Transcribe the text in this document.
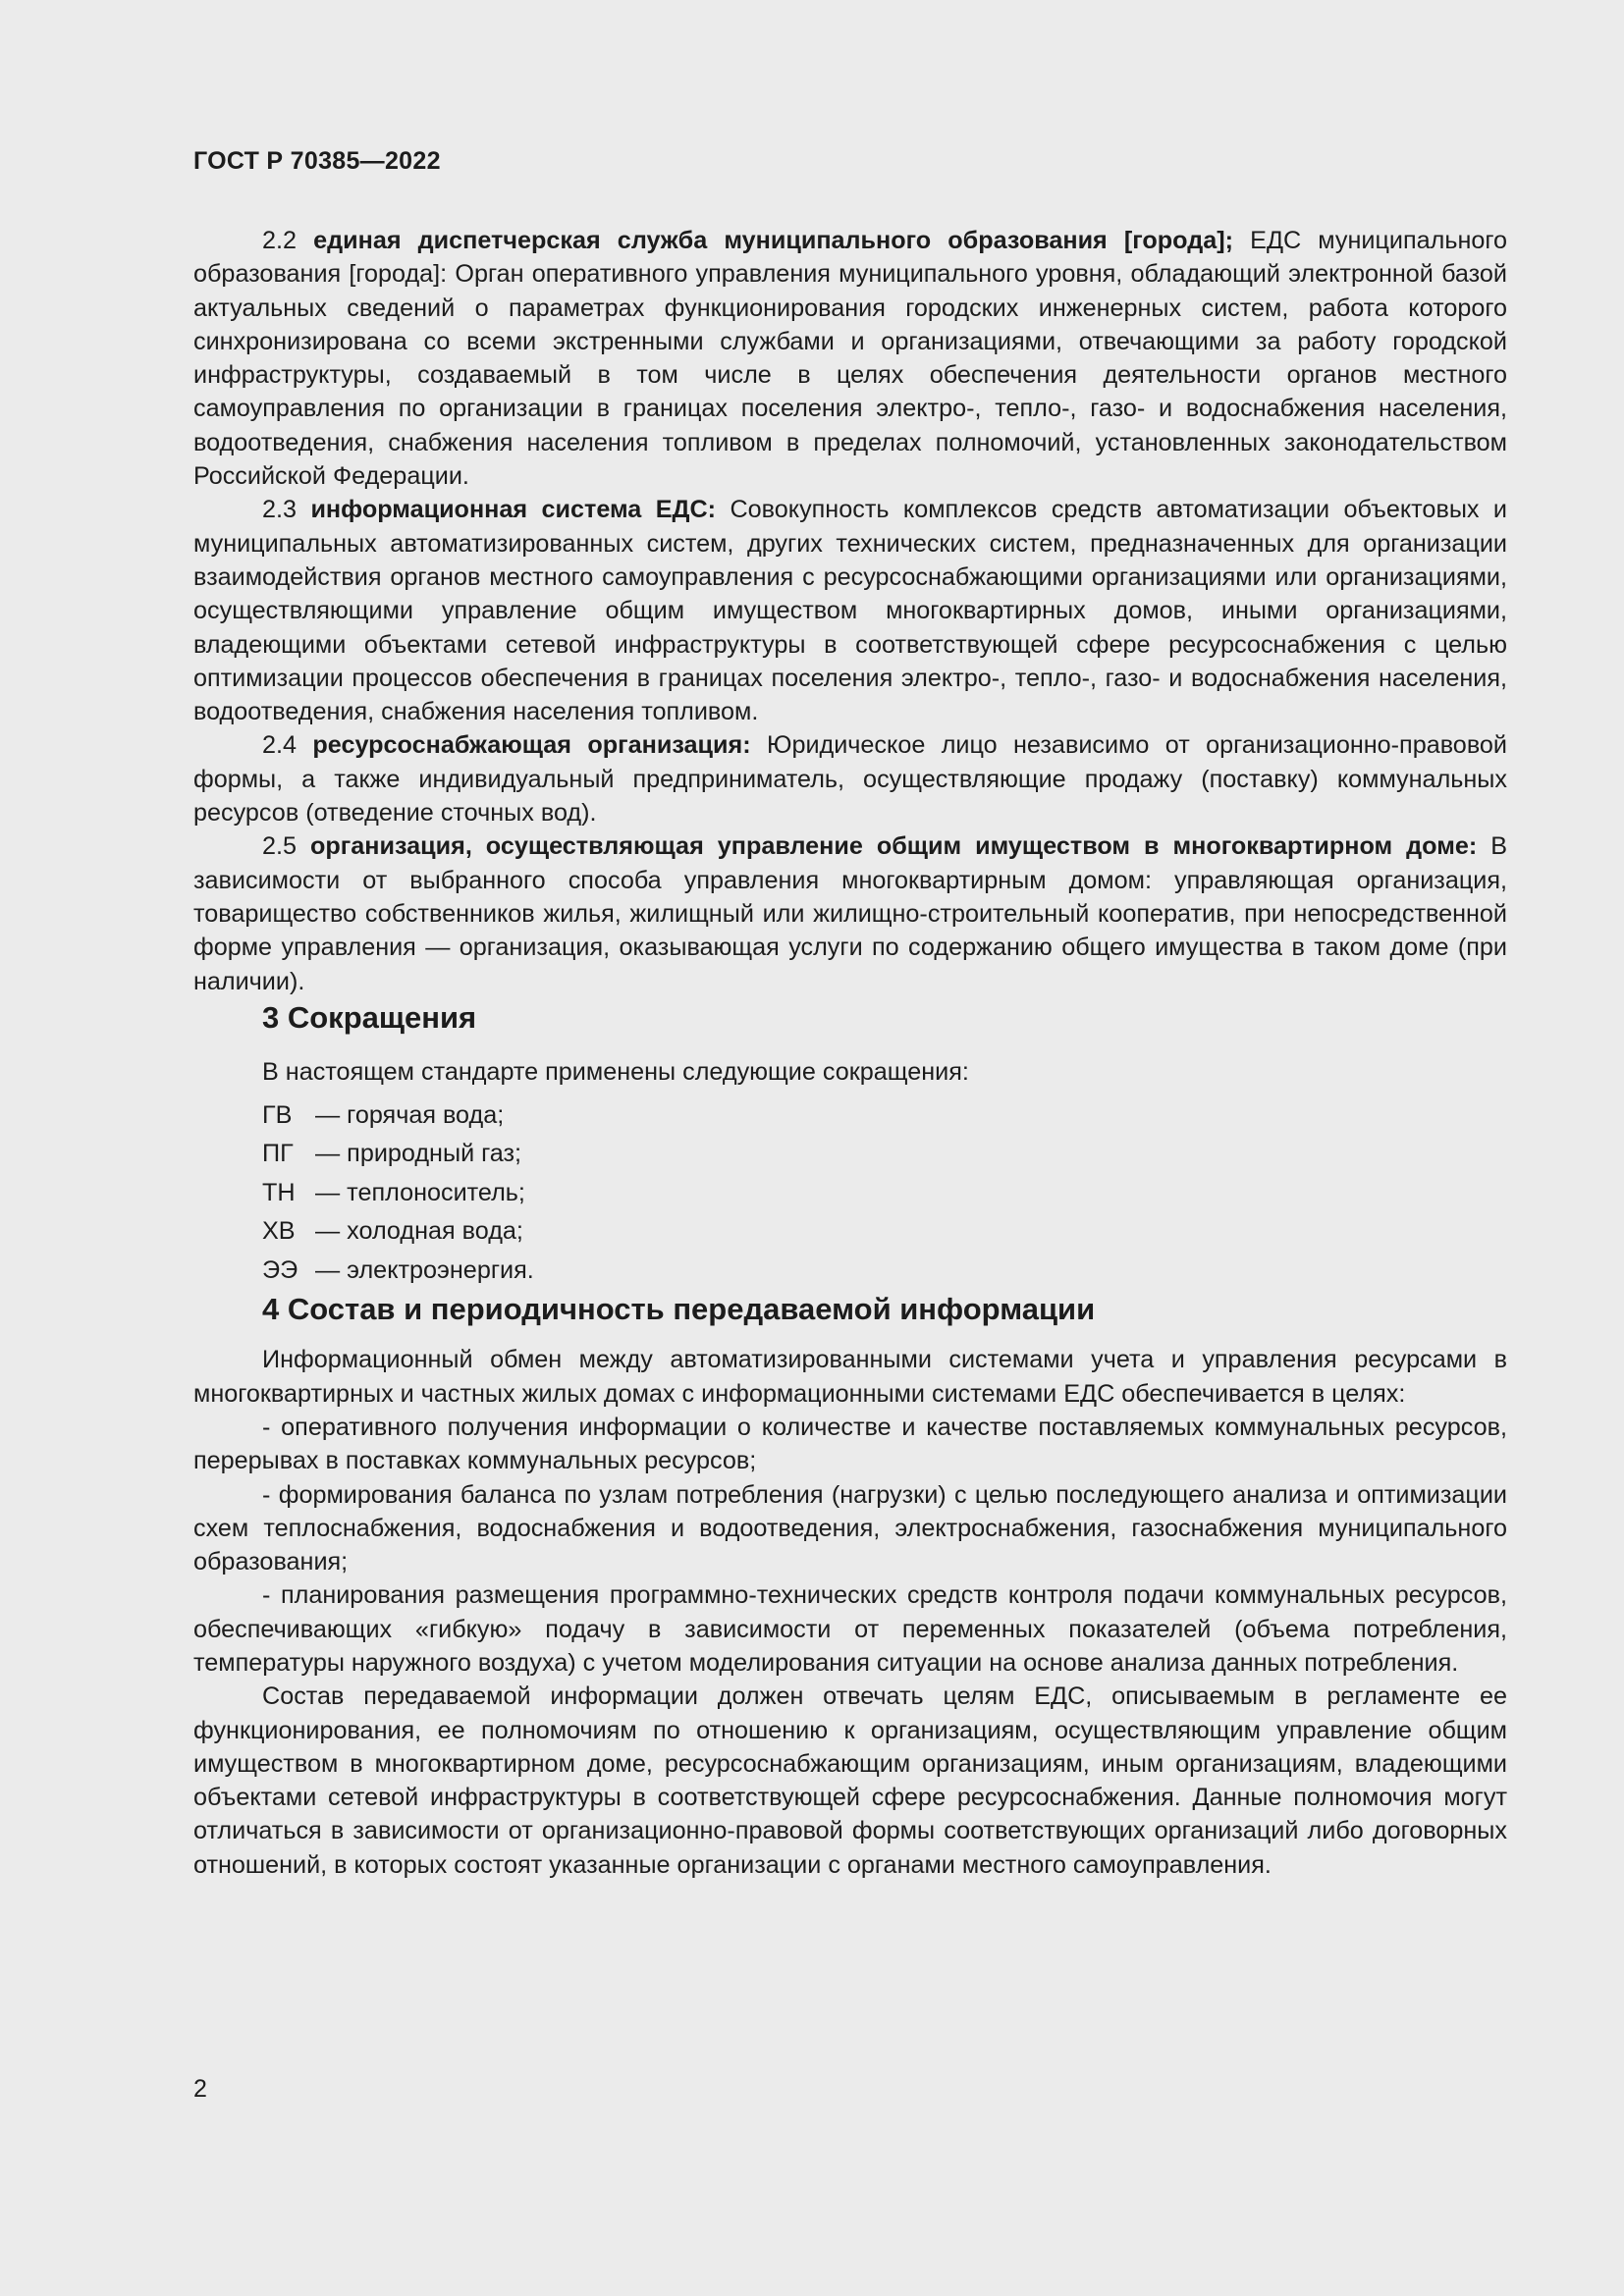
ГОСТ Р 70385—2022

2.2 единая диспетчерская служба муниципального образования [города]; ЕДС муниципального образования [города]: Орган оперативного управления муниципального уровня, обладающий электронной базой актуальных сведений о параметрах функционирования городских инженерных систем, работа которого синхронизирована со всеми экстренными службами и организациями, отвечающими за работу городской инфраструктуры, создаваемый в том числе в целях обеспечения деятельности органов местного самоуправления по организации в границах поселения электро-, тепло-, газо- и водоснабжения населения, водоотведения, снабжения населения топливом в пределах полномочий, установленных законодательством Российской Федерации.

2.3 информационная система ЕДС: Совокупность комплексов средств автоматизации объектовых и муниципальных автоматизированных систем, других технических систем, предназначенных для организации взаимодействия органов местного самоуправления с ресурсоснабжающими организациями или организациями, осуществляющими управление общим имуществом многоквартирных домов, иными организациями, владеющими объектами сетевой инфраструктуры в соответствующей сфере ресурсоснабжения с целью оптимизации процессов обеспечения в границах поселения электро-, тепло-, газо- и водоснабжения населения, водоотведения, снабжения населения топливом.

2.4 ресурсоснабжающая организация: Юридическое лицо независимо от организационно-правовой формы, а также индивидуальный предприниматель, осуществляющие продажу (поставку) коммунальных ресурсов (отведение сточных вод).

2.5 организация, осуществляющая управление общим имуществом в многоквартирном доме: В зависимости от выбранного способа управления многоквартирным домом: управляющая организация, товарищество собственников жилья, жилищный или жилищно-строительный кооператив, при непосредственной форме управления — организация, оказывающая услуги по содержанию общего имущества в таком доме (при наличии).

3 Сокращения
В настоящем стандарте применены следующие сокращения:
ГВ — горячая вода;
ПГ — природный газ;
ТН — теплоноситель;
ХВ — холодная вода;
ЭЭ — электроэнергия.
4 Состав и периодичность передаваемой информации

Информационный обмен между автоматизированными системами учета и управления ресурсами в многоквартирных и частных жилых домах с информационными системами ЕДС обеспечивается в целях:

- оперативного получения информации о количестве и качестве поставляемых коммунальных ресурсов, перерывах в поставках коммунальных ресурсов;

- формирования баланса по узлам потребления (нагрузки) с целью последующего анализа и оптимизации схем теплоснабжения, водоснабжения и водоотведения, электроснабжения, газоснабжения муниципального образования;

- планирования размещения программно-технических средств контроля подачи коммунальных ресурсов, обеспечивающих «гибкую» подачу в зависимости от переменных показателей (объема потребления, температуры наружного воздуха) с учетом моделирования ситуации на основе анализа данных потребления.

Состав передаваемой информации должен отвечать целям ЕДС, описываемым в регламенте ее функционирования, ее полномочиям по отношению к организациям, осуществляющим управление общим имуществом в многоквартирном доме, ресурсоснабжающим организациям, иным организациям, владеющими объектами сетевой инфраструктуры в соответствующей сфере ресурсоснабжения. Данные полномочия могут отличаться в зависимости от организационно-правовой формы соответствующих организаций либо договорных отношений, в которых состоят указанные организации с органами местного самоуправления.

2
